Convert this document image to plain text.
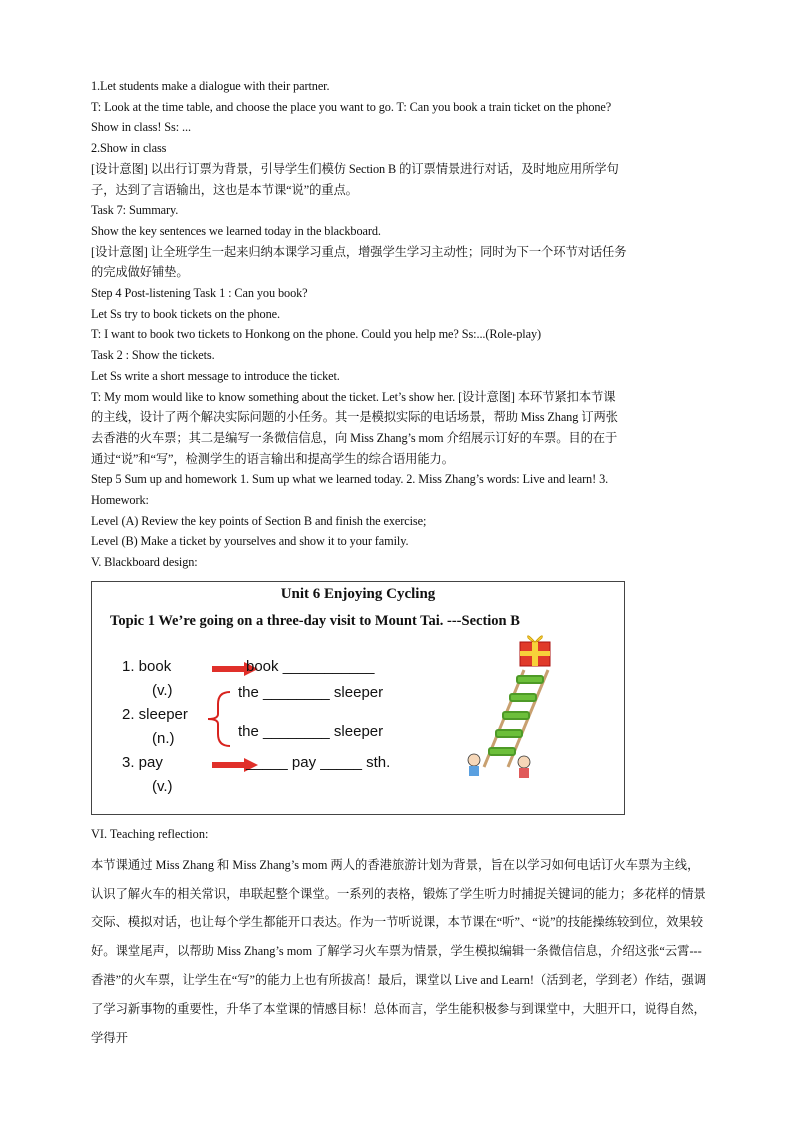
1.Let students make a dialogue with their partner.
T: Look at the time table, and choose the place you want to go. T: Can you book a train ticket on the phone?
Show in class! Ss: ...
2.Show in class
[设计意图] 以出行订票为背景，引导学生们模仿 Section B 的订票情景进行对话，及时地应用所学句
子，达到了言语输出，这也是本节课“说”的重点。
Task 7: Summary.
Show the key sentences we learned today in the blackboard.
[设计意图] 让全班学生一起来归纳本课学习重点，增强学生学习主动性；同时为下一个环节对话任务
的完成做好铺垫。
Step 4 Post-listening Task 1 : Can you book?
Let Ss try to book tickets on the phone.
T: I want to book two tickets to Honkong on the phone. Could you help me? Ss:...(Role-play)
Task 2 : Show the tickets.
Let Ss write a short message to introduce the ticket.
T: My mom would like to know something about the ticket. Let’s show her. [设计意图] 本环节紧扣本节课
的主线，设计了两个解决实际问题的小任务。其一是模拟实际的电话场景，帮助 Miss Zhang 订两张
去香港的火车票；其二是编写一条微信信息，向 Miss Zhang’s mom 介绍展示订好的车票。目的在于
通过“说”和“写”，检测学生的语言输出和提高学生的综合语用能力。
Step 5 Sum up and homework 1. Sum up what we learned today. 2. Miss Zhang’s words: Live and learn! 3.
Homework:
Level (A) Review the key points of Section B and finish the exercise;
Level (B) Make a ticket by yourselves and show it to your family.
V. Blackboard design:
Unit 6 Enjoying Cycling
Topic 1 We’re going on a three-day visit to Mount Tai. ---Section B
1. book
(v.)
book ___________
2. sleeper
(n.)
the ________ sleeper
the ________ sleeper
3. pay
(v.)
_____ pay _____ sth.
VI. Teaching reflection:
本节课通过 Miss Zhang 和 Miss Zhang’s mom 两人的香港旅游计划为背景，旨在以学习如何电话订火车票为主线，认识了解火车的相关常识，串联起整个课堂。一系列的表格，锻炼了学生听力时捕捉关键词的能力；多花样的情景交际、模拟对话，也让每个学生都能开口表达。作为一节听说课，本节课在“听”、“说”的技能操练较到位，效果较好。课堂尾声，以帮助 Miss Zhang’s mom 了解学习火车票为情景，学生模拟编辑一条微信信息，介绍这张“云霄---香港”的火车票，让学生在“写”的能力上也有所拔高！最后，课堂以 Live and Learn!（活到老，学到老）作结，强调了学习新事物的重要性，升华了本堂课的情感目标！总体而言，学生能积极参与到课堂中，大胆开口，说得自然，学得开
